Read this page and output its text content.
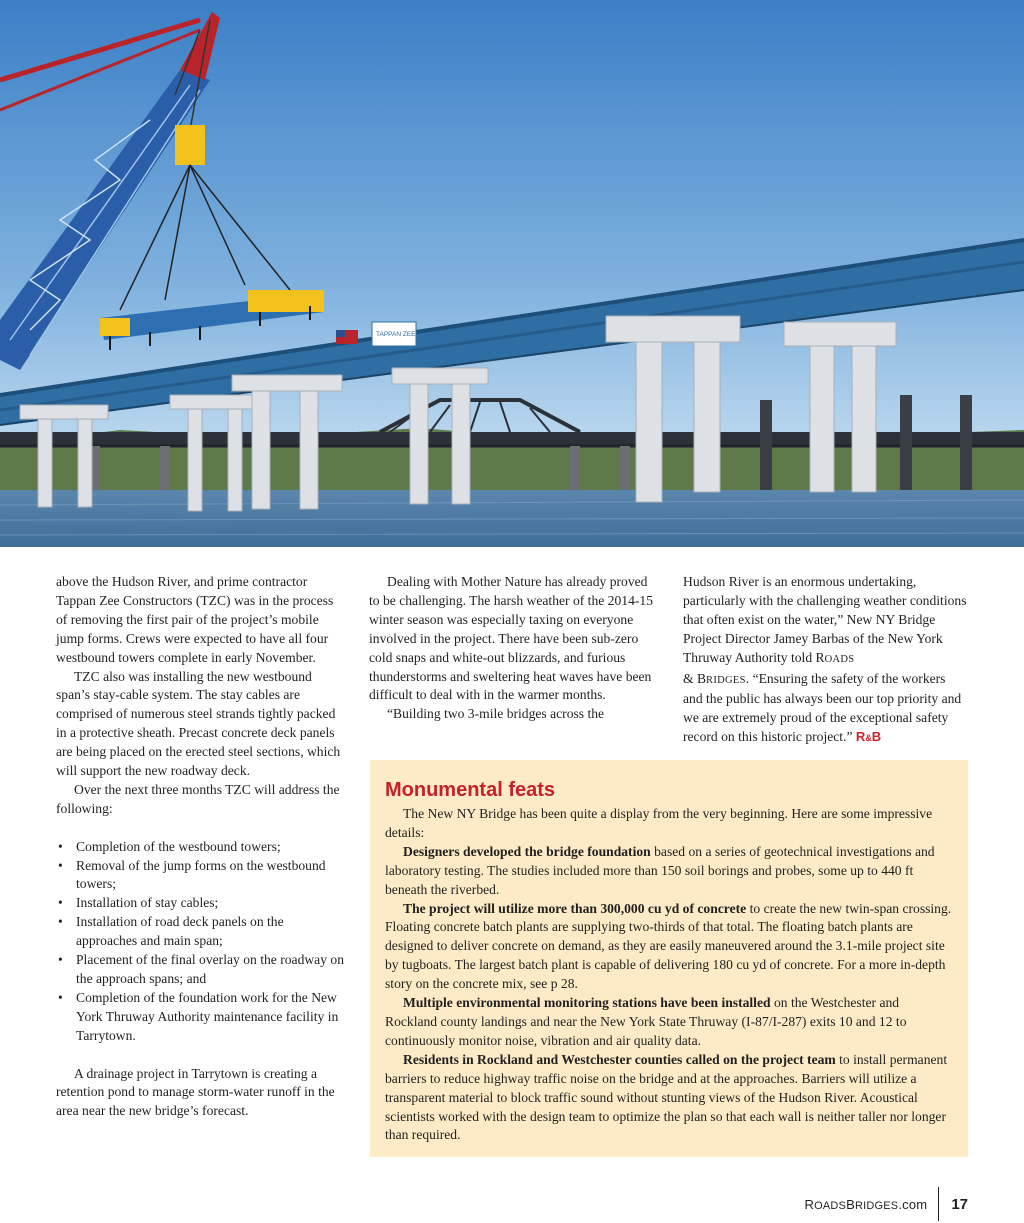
TAPPAN ZEE

above the Hudson River, and prime contractor Tappan Zee Constructors (TZC) was in the process of removing the first pair of the project’s mobile jump forms. Crews were expected to have all four westbound towers complete in early November.

TZC also was installing the new westbound span’s stay-cable system. The stay cables are comprised of numerous steel strands tightly packed in a protective sheath. Precast concrete deck panels are being placed on the erected steel sections, which will support the new roadway deck.

Over the next three months TZC will address the following:

• Completion of the westbound towers;
• Removal of the jump forms on the westbound towers;
• Installation of stay cables;
• Installation of road deck panels on the approaches and main span;
• Placement of the final overlay on the roadway on the approach spans; and
• Completion of the foundation work for the New York Thruway Authority maintenance facility in Tarrytown.

A drainage project in Tarrytown is creating a retention pond to manage storm-water runoff in the area near the new bridge’s forecast.

Dealing with Mother Nature has already proved to be challenging. The harsh weather of the 2014-15 winter season was especially taxing on everyone involved in the project. There have been sub-zero cold snaps and white-out blizzards, and furious thunderstorms and sweltering heat waves have been difficult to deal with in the warmer months.

“Building two 3-mile bridges across the

Hudson River is an enormous undertaking, particularly with the challenging weather conditions that often exist on the water,” New NY Bridge Project Director Jamey Barbas of the New York Thruway Authority told ROADS
& BRIDGES. “Ensuring the safety of the workers and the public has always been our top priority and we are extremely proud of the exceptional safety record on this historic project.” R&B

Monumental feats

The New NY Bridge has been quite a display from the very beginning. Here are some impressive details:

Designers developed the bridge foundation based on a series of geotechnical investigations and laboratory testing. The studies included more than 150 soil borings and probes, some up to 440 ft beneath the riverbed.

The project will utilize more than 300,000 cu yd of concrete to create the new twin-span crossing. Floating concrete batch plants are supplying two-thirds of that total. The floating batch plants are designed to deliver concrete on demand, as they are easily maneuvered around the 3.1-mile project site by tugboats. The largest batch plant is capable of delivering 180 cu yd of concrete. For a more in-depth story on the concrete mix, see p 28.

Multiple environmental monitoring stations have been installed on the Westchester and Rockland county landings and near the New York State Thruway (I-87/I-287) exits 10 and 12 to continuously monitor noise, vibration and air quality data.

Residents in Rockland and Westchester counties called on the project team to install permanent barriers to reduce highway traffic noise on the bridge and at the approaches. Barriers will utilize a transparent material to block traffic sound without stunting views of the Hudson River. Acoustical scientists worked with the design team to optimize the plan so that each wall is neither taller nor longer than required.

ROADSBRIDGES.com 17
